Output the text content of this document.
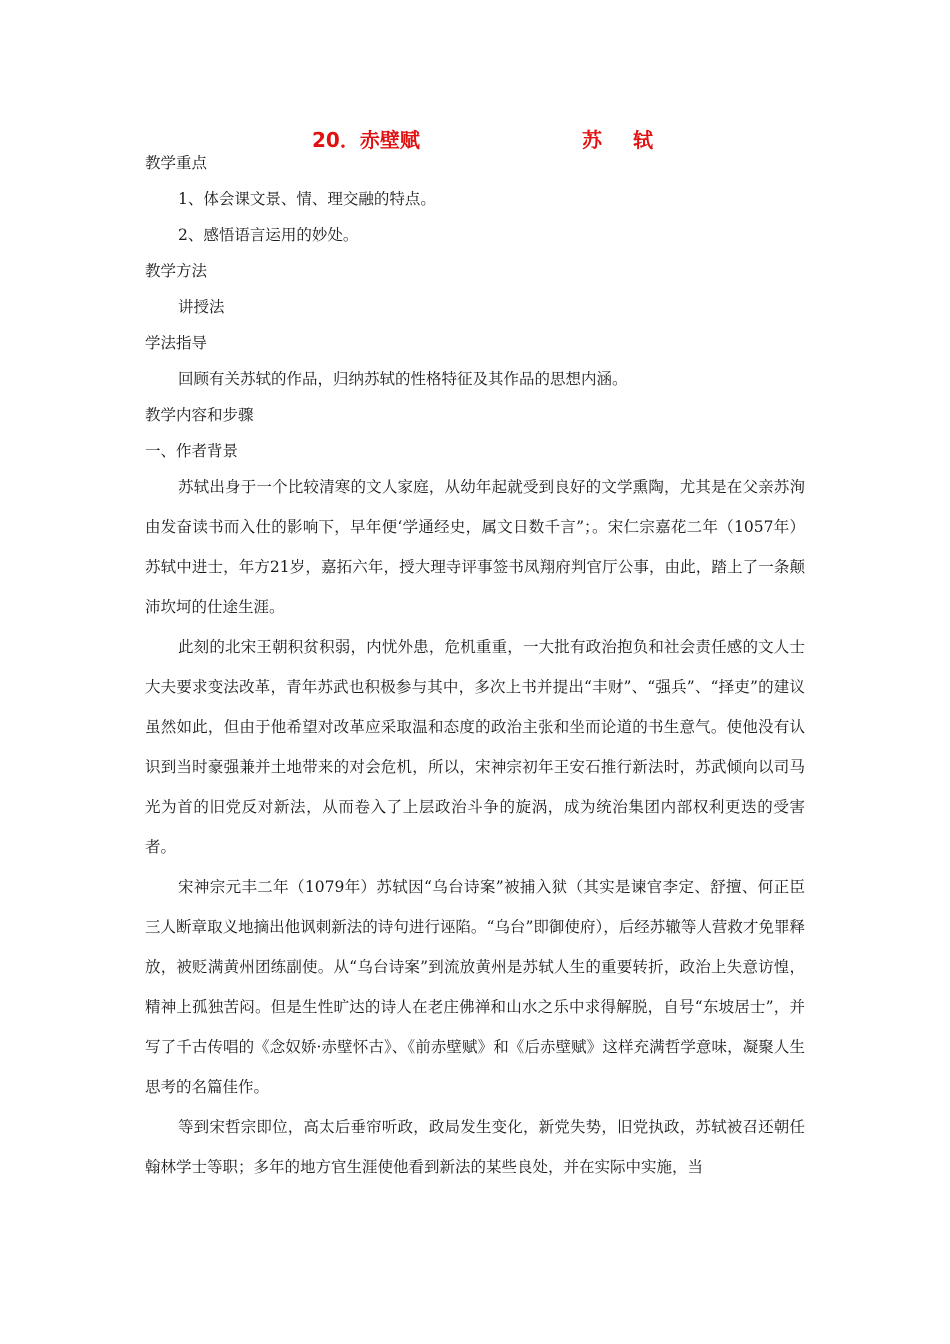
20．赤壁赋	苏 轼
教学重点
1、体会课文景、情、理交融的特点。
2、感悟语言运用的妙处。
教学方法
讲授法
学法指导
回顾有关苏轼的作品，归纳苏轼的性格特征及其作品的思想内涵。
教学内容和步骤
一、作者背景

苏轼出身于一个比较清寒的文人家庭，从幼年起就受到良好的文学熏陶，尤其是在父亲苏洵由发奋读书而入仕的影响下，早年便‘学通经史，属文日数千言”；。宋仁宗嘉花二年（1057年）苏轼中进士，年方21岁，嘉拓六年，授大理寺评事签书凤翔府判官厅公事，由此，踏上了一条颠沛坎坷的仕途生涯。

此刻的北宋王朝积贫积弱，内忧外患，危机重重，一大批有政治抱负和社会责任感的文人士大夫要求变法改革，青年苏武也积极参与其中，多次上书并提出“丰财”、“强兵”、“择吏”的建议虽然如此，但由于他希望对改革应采取温和态度的政治主张和坐而论道的书生意气。使他没有认识到当时豪强兼并土地带来的对会危机，所以，宋神宗初年王安石推行新法时，苏武倾向以司马光为首的旧党反对新法，从而卷入了上层政治斗争的旋涡，成为统治集团内部权利更迭的受害者。

宋神宗元丰二年（1079年）苏轼因“乌台诗案”被捕入狱（其实是谏官李定、舒擅、何正臣三人断章取义地摘出他讽刺新法的诗句进行诬陷。“乌台”即御使府），后经苏辙等人营救才免罪释放，被贬满黄州团练副使。从“乌台诗案”到流放黄州是苏轼人生的重要转折，政治上失意访惶，精神上孤独苦闷。但是生性旷达的诗人在老庄佛禅和山水之乐中求得解脱，自号“东坡居士”，并写了千古传唱的《念奴娇·赤壁怀古》、《前赤壁赋》和《后赤壁赋》这样充满哲学意味，凝聚人生思考的名篇佳作。

等到宋哲宗即位，高太后垂帘听政，政局发生变化，新党失势，旧党执政，苏轼被召还朝任翰林学士等职；多年的地方官生涯使他看到新法的某些良处，并在实际中实施，当
